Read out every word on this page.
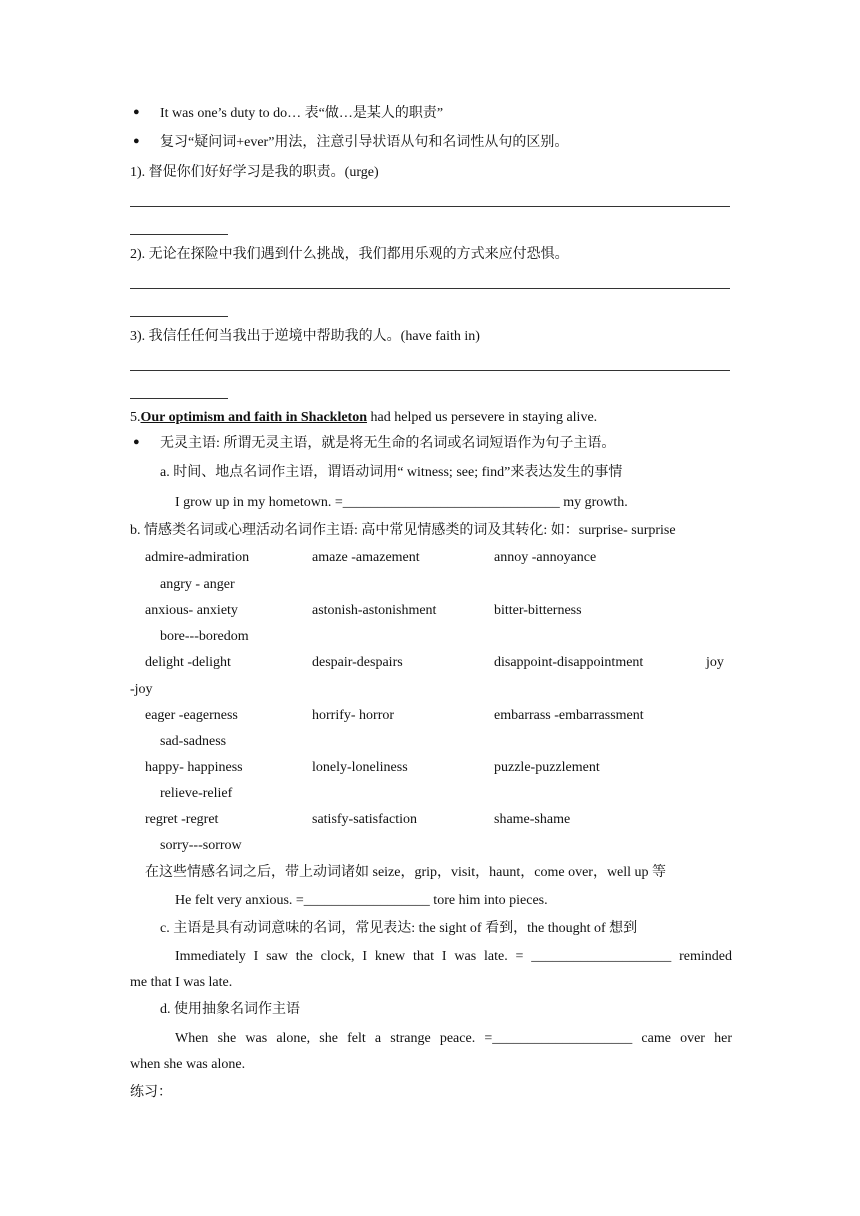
● It was one’s duty to do… 表“做…是某人的职责”
● 复习“疑问词+ever”用法，注意引导状语从句和名词性从句的区别。
1). 督促你们好好学习是我的职责。(urge)
2). 无论在探险中我们遇到什么挑战，我们都用乐观的方式来应付恐惧。
3). 我信任任何当我出于逆境中帮助我的人。(have faith in)
5.Our optimism and faith in Shackleton had helped us persevere in staying alive.
● 无灵主语: 所谓无灵主语，就是将无生命的名词或名词短语作为句子主语。
a. 时间、地点名词作主语，谓语动词用“ witness; see; find”来表达发生的事情
I grow up in my hometown. =_______________________________ my growth.
b. 情感类名词或心理活动名词作主语: 高中常见情感类的词及其转化: 如：surprise- surprise
admire-admiration	amaze -amazement	annoy -annoyance
angry - anger
anxious- anxiety	astonish-astonishment	bitter-bitterness
bore---boredom
delight -delight	despair-despairs	disappoint-disappointment	joy
-joy
eager -eagerness	horrify- horror	embarrass -embarrassment
sad-sadness
happy- happiness	lonely-loneliness	puzzle-puzzlement
relieve-relief
regret -regret	satisfy-satisfaction	shame-shame
sorry---sorrow
在这些情感名词之后，带上动词诸如 seize，grip，visit，haunt，come over，well up 等
He felt very anxious. =__________________ tore him into pieces.
c. 主语是具有动词意味的名词，常见表达: the sight of 看到，the thought of 想到
Immediately I saw the clock, I knew that I was late. = ____________________ reminded
me that I was late.
d. 使用抽象名词作主语
When she was alone, she felt a strange peace. =____________________ came over her
when she was alone.
练习：
